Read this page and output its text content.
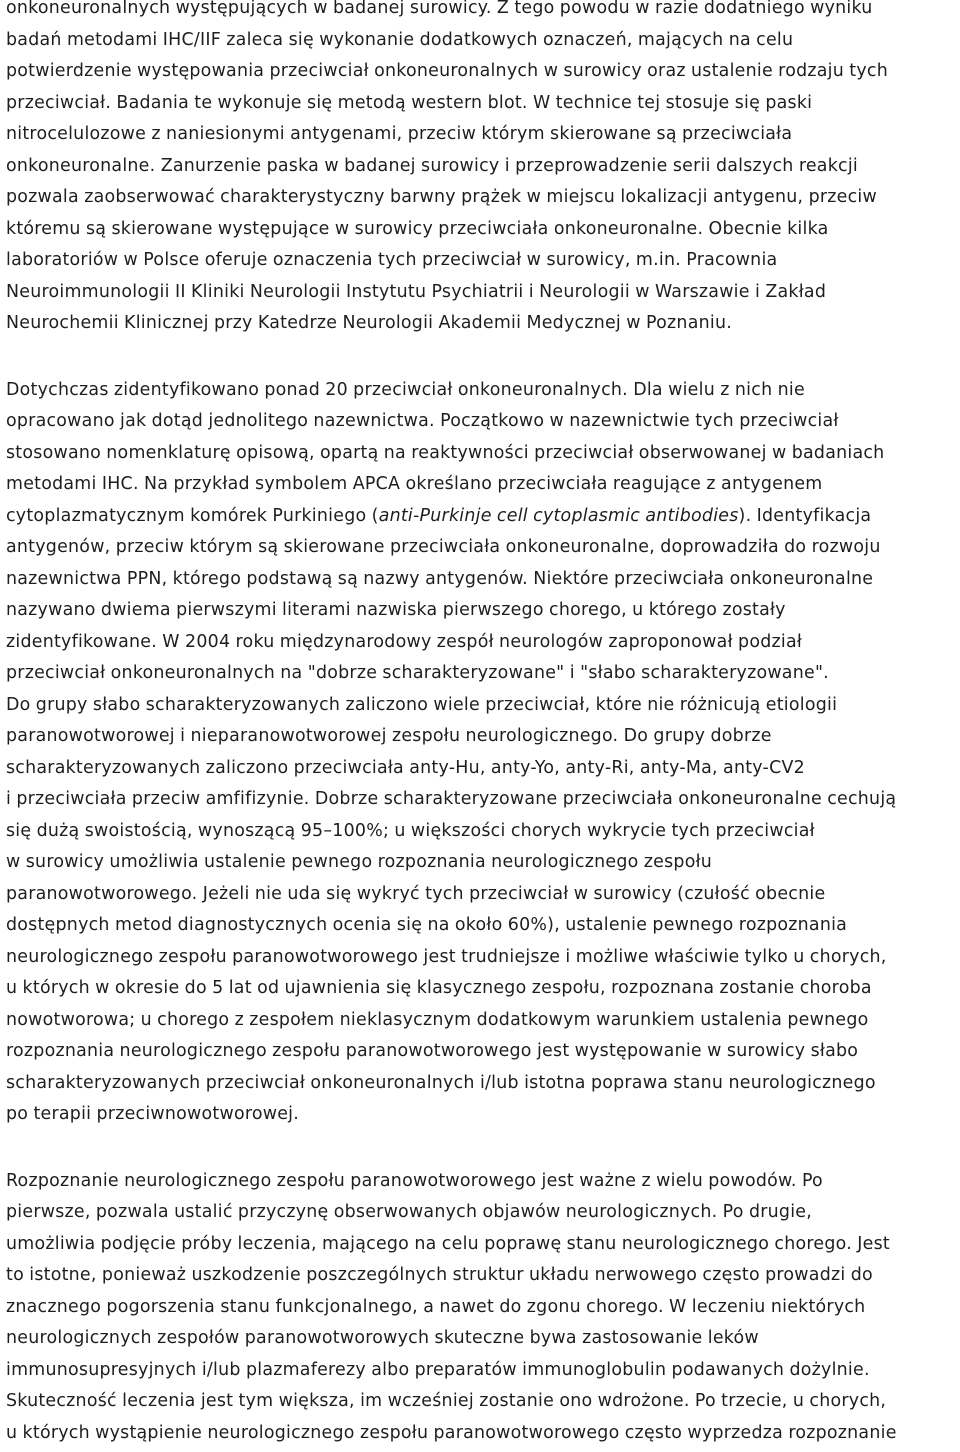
onkoneuronalnych występujących w badanej surowicy. Z tego powodu w razie dodatniego wyniku
badań metodami IHC/IIF zaleca się wykonanie dodatkowych oznaczeń, mających na celu
potwierdzenie występowania przeciwciał onkoneuronalnych w surowicy oraz ustalenie rodzaju tych
przeciwciał. Badania te wykonuje się metodą western blot. W technice tej stosuje się paski
nitrocelulozowe z naniesionymi antygenami, przeciw którym skierowane są przeciwciała
onkoneuronalne. Zanurzenie paska w badanej surowicy i przeprowadzenie serii dalszych reakcji
pozwala zaobserwować charakterystyczny barwny prążek w miejscu lokalizacji antygenu, przeciw
któremu są skierowane występujące w surowicy przeciwciała onkoneuronalne. Obecnie kilka
laboratoriów w Polsce oferuje oznaczenia tych przeciwciał w surowicy, m.in. Pracownia
Neuroimmunologii II Kliniki Neurologii Instytutu Psychiatrii i Neurologii w Warszawie i Zakład
Neurochemii Klinicznej przy Katedrze Neurologii Akademii Medycznej w Poznaniu.

Dotychczas zidentyfikowano ponad 20 przeciwciał onkoneuronalnych. Dla wielu z nich nie
opracowano jak dotąd jednolitego nazewnictwa. Początkowo w nazewnictwie tych przeciwciał
stosowano nomenklaturę opisową, opartą na reaktywności przeciwciał obserwowanej w badaniach
metodami IHC. Na przykład symbolem APCA określano przeciwciała reagujące z antygenem
cytoplazmatycznym komórek Purkiniego (anti-Purkinje cell cytoplasmic antibodies). Identyfikacja
antygenów, przeciw którym są skierowane przeciwciała onkoneuronalne, doprowadziła do rozwoju
nazewnictwa PPN, którego podstawą są nazwy antygenów. Niektóre przeciwciała onkoneuronalne
nazywano dwiema pierwszymi literami nazwiska pierwszego chorego, u którego zostały
zidentyfikowane. W 2004 roku międzynarodowy zespół neurologów zaproponował podział
przeciwciał onkoneuronalnych na "dobrze scharakteryzowane" i "słabo scharakteryzowane".
Do grupy słabo scharakteryzowanych zaliczono wiele przeciwciał, które nie różnicują etiologii
paranowotworowej i nieparanowotworowej zespołu neurologicznego. Do grupy dobrze
scharakteryzowanych zaliczono przeciwciała anty-Hu, anty-Yo, anty-Ri, anty-Ma, anty-CV2
i przeciwciała przeciw amfifizynie. Dobrze scharakteryzowane przeciwciała onkoneuronalne cechują
się dużą swoistością, wynoszącą 95–100%; u większości chorych wykrycie tych przeciwciał
w surowicy umożliwia ustalenie pewnego rozpoznania neurologicznego zespołu
paranowotworowego. Jeżeli nie uda się wykryć tych przeciwciał w surowicy (czułość obecnie
dostępnych metod diagnostycznych ocenia się na około 60%), ustalenie pewnego rozpoznania
neurologicznego zespołu paranowotworowego jest trudniejsze i możliwe właściwie tylko u chorych,
u których w okresie do 5 lat od ujawnienia się klasycznego zespołu, rozpoznana zostanie choroba
nowotworowa; u chorego z zespołem nieklasycznym dodatkowym warunkiem ustalenia pewnego
rozpoznania neurologicznego zespołu paranowotworowego jest występowanie w surowicy słabo
scharakteryzowanych przeciwciał onkoneuronalnych i/lub istotna poprawa stanu neurologicznego
po terapii przeciwnowotworowej.

Rozpoznanie neurologicznego zespołu paranowotworowego jest ważne z wielu powodów. Po
pierwsze, pozwala ustalić przyczynę obserwowanych objawów neurologicznych. Po drugie,
umożliwia podjęcie próby leczenia, mającego na celu poprawę stanu neurologicznego chorego. Jest
to istotne, ponieważ uszkodzenie poszczególnych struktur układu nerwowego często prowadzi do
znacznego pogorszenia stanu funkcjonalnego, a nawet do zgonu chorego. W leczeniu niektórych
neurologicznych zespołów paranowotworowych skuteczne bywa zastosowanie leków
immunosupresyjnych i/lub plazmaferezy albo preparatów immunoglobulin podawanych dożylnie.
Skuteczność leczenia jest tym większa, im wcześniej zostanie ono wdrożone. Po trzecie, u chorych,
u których wystąpienie neurologicznego zespołu paranowotworowego często wyprzedza rozpoznanie
